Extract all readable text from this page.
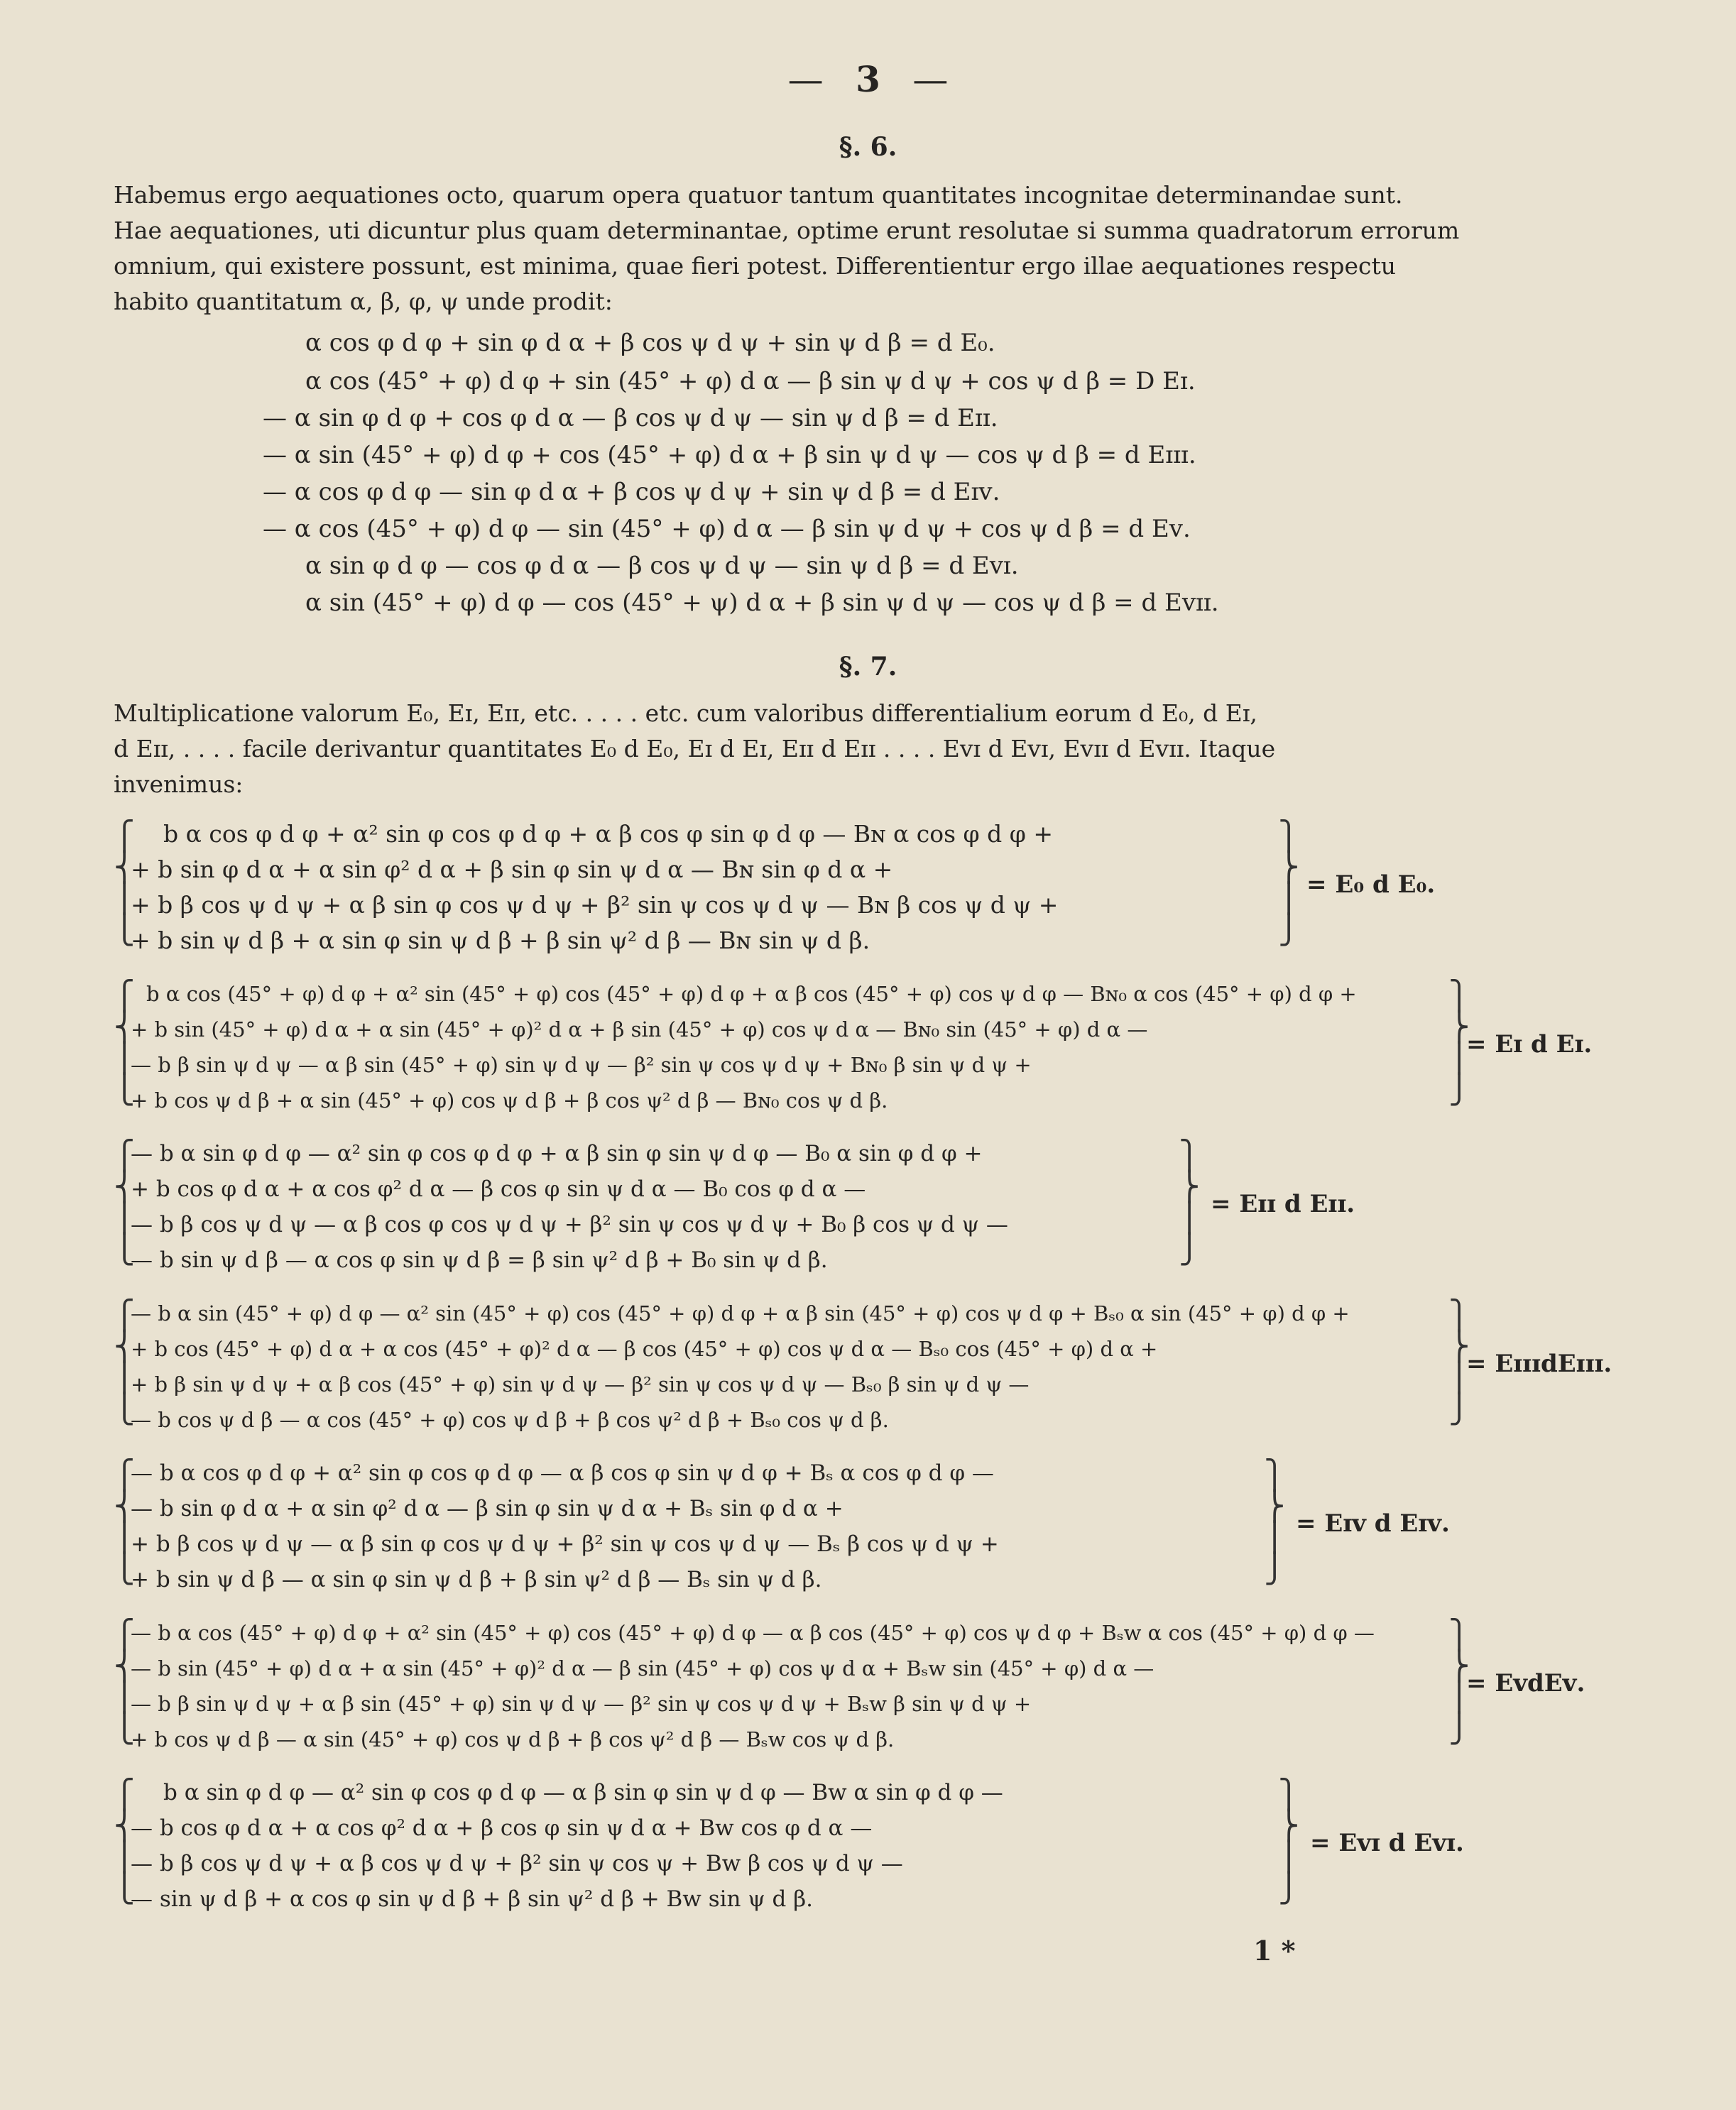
— 3 —
§. 6.

Habemus ergo aequationes octo, quarum opera quatuor tantum quantitates incognitae determinandae sunt.

Hae aequationes, uti dicuntur plus quam determinantae, optime erunt resolutae si summa quadratorum errorum

omnium, qui existere possunt, est minima, quae fieri potest. Differentientur ergo illae aequationes respectu

habito quantitatum α, β, φ, ψ unde prodit:

α cos φ d φ + sin φ d α + β cos ψ d ψ + sin ψ d β = d E₀.
α cos (45° + φ) d φ + sin (45° + φ) d α — β sin ψ d ψ + cos ψ d β = D Eɪ.
— α sin φ d φ + cos φ d α — β cos ψ d ψ — sin ψ d β = d Eɪɪ.
— α sin (45° + φ) d φ + cos (45° + φ) d α + β sin ψ d ψ — cos ψ d β = d Eɪɪɪ.
— α cos φ d φ — sin φ d α + β cos ψ d ψ + sin ψ d β = d Eɪᴠ.
— α cos (45° + φ) d φ — sin (45° + φ) d α — β sin ψ d ψ + cos ψ d β = d Eᴠ.
α sin φ d φ — cos φ d α — β cos ψ d ψ — sin ψ d β = d Eᴠɪ.
α sin (45° + φ) d φ — cos (45° + ψ) d α + β sin ψ d ψ — cos ψ d β = d Eᴠɪɪ.
§. 7.

Multiplicatione valorum E₀, Eɪ, Eɪɪ, etc. . . . . etc. cum valoribus differentialium eorum d E₀, d Eɪ,

d Eɪɪ, . . . . facile derivantur quantitates E₀ d E₀, Eɪ d Eɪ, Eɪɪ d Eɪɪ . . . . Eᴠɪ d Eᴠɪ, Eᴠɪɪ d Eᴠɪɪ. Itaque

invenimus:

⎧
⎨
⎪
⎩
b α cos φ d φ + α² sin φ cos φ d φ + α β cos φ sin φ d φ — Bɴ α cos φ d φ +
+ b sin φ d α + α sin φ² d α + β sin φ sin ψ d α — Bɴ sin φ d α +
+ b β cos ψ d ψ + α β sin φ cos ψ d ψ + β² sin ψ cos ψ d ψ — Bɴ β cos ψ d ψ +
+ b sin ψ d β + α sin φ sin ψ d β + β sin ψ² d β — Bɴ sin ψ d β.
⎫
⎬
⎪
⎭
= E₀ d E₀.
⎧
⎨
⎪
⎩
b α cos (45° + φ) d φ + α² sin (45° + φ) cos (45° + φ) d φ + α β cos (45° + φ) cos ψ d φ — Bɴ₀ α cos (45° + φ) d φ +
+ b sin (45° + φ) d α + α sin (45° + φ)² d α + β sin (45° + φ) cos ψ d α — Bɴ₀ sin (45° + φ) d α —
— b β sin ψ d ψ — α β sin (45° + φ) sin ψ d ψ — β² sin ψ cos ψ d ψ + Bɴ₀ β sin ψ d ψ +
+ b cos ψ d β + α sin (45° + φ) cos ψ d β + β cos ψ² d β — Bɴ₀ cos ψ d β.
⎫
⎬
⎪
⎭
= Eɪ d Eɪ.
⎧
⎨
⎪
⎩
— b α sin φ d φ — α² sin φ cos φ d φ + α β sin φ sin ψ d φ — B₀ α sin φ d φ +
+ b cos φ d α + α cos φ² d α — β cos φ sin ψ d α — B₀ cos φ d α —
— b β cos ψ d ψ — α β cos φ cos ψ d ψ + β² sin ψ cos ψ d ψ + B₀ β cos ψ d ψ —
— b sin ψ d β — α cos φ sin ψ d β = β sin ψ² d β + B₀ sin ψ d β.
⎫
⎬
⎪
⎭
= Eɪɪ d Eɪɪ.
⎧
⎨
⎪
⎩
— b α sin (45° + φ) d φ — α² sin (45° + φ) cos (45° + φ) d φ + α β sin (45° + φ) cos ψ d φ + Bₛ₀ α sin (45° + φ) d φ +
+ b cos (45° + φ) d α + α cos (45° + φ)² d α — β cos (45° + φ) cos ψ d α — Bₛ₀ cos (45° + φ) d α +
+ b β sin ψ d ψ + α β cos (45° + φ) sin ψ d ψ — β² sin ψ cos ψ d ψ — Bₛ₀ β sin ψ d ψ —
— b cos ψ d β — α cos (45° + φ) cos ψ d β + β cos ψ² d β + Bₛ₀ cos ψ d β.
⎫
⎬
⎪
⎭
= EɪɪɪdEɪɪɪ.
⎧
⎨
⎪
⎩
— b α cos φ d φ + α² sin φ cos φ d φ — α β cos φ sin ψ d φ + Bₛ α cos φ d φ —
— b sin φ d α + α sin φ² d α — β sin φ sin ψ d α + Bₛ sin φ d α +
+ b β cos ψ d ψ — α β sin φ cos ψ d ψ + β² sin ψ cos ψ d ψ — Bₛ β cos ψ d ψ +
+ b sin ψ d β — α sin φ sin ψ d β + β sin ψ² d β — Bₛ sin ψ d β.
⎫
⎬
⎪
⎭
= Eɪᴠ d Eɪᴠ.
⎧
⎨
⎪
⎩
— b α cos (45° + φ) d φ + α² sin (45° + φ) cos (45° + φ) d φ — α β cos (45° + φ) cos ψ d φ + Bₛᴡ α cos (45° + φ) d φ —
— b sin (45° + φ) d α + α sin (45° + φ)² d α — β sin (45° + φ) cos ψ d α + Bₛᴡ sin (45° + φ) d α —
— b β sin ψ d ψ + α β sin (45° + φ) sin ψ d ψ — β² sin ψ cos ψ d ψ + Bₛᴡ β sin ψ d ψ +
+ b cos ψ d β — α sin (45° + φ) cos ψ d β + β cos ψ² d β — Bₛᴡ cos ψ d β.
⎫
⎬
⎪
⎭
= EᴠdEᴠ.
⎧
⎨
⎪
⎩
b α sin φ d φ — α² sin φ cos φ d φ — α β sin φ sin ψ d φ — Bᴡ α sin φ d φ —
— b cos φ d α + α cos φ² d α + β cos φ sin ψ d α + Bᴡ cos φ d α —
— b β cos ψ d ψ + α β cos ψ d ψ + β² sin ψ cos ψ + Bᴡ β cos ψ d ψ —
— sin ψ d β + α cos φ sin ψ d β + β sin ψ² d β + Bᴡ sin ψ d β.
⎫
⎬
⎪
⎭
= Eᴠɪ d Eᴠɪ.
1 *
